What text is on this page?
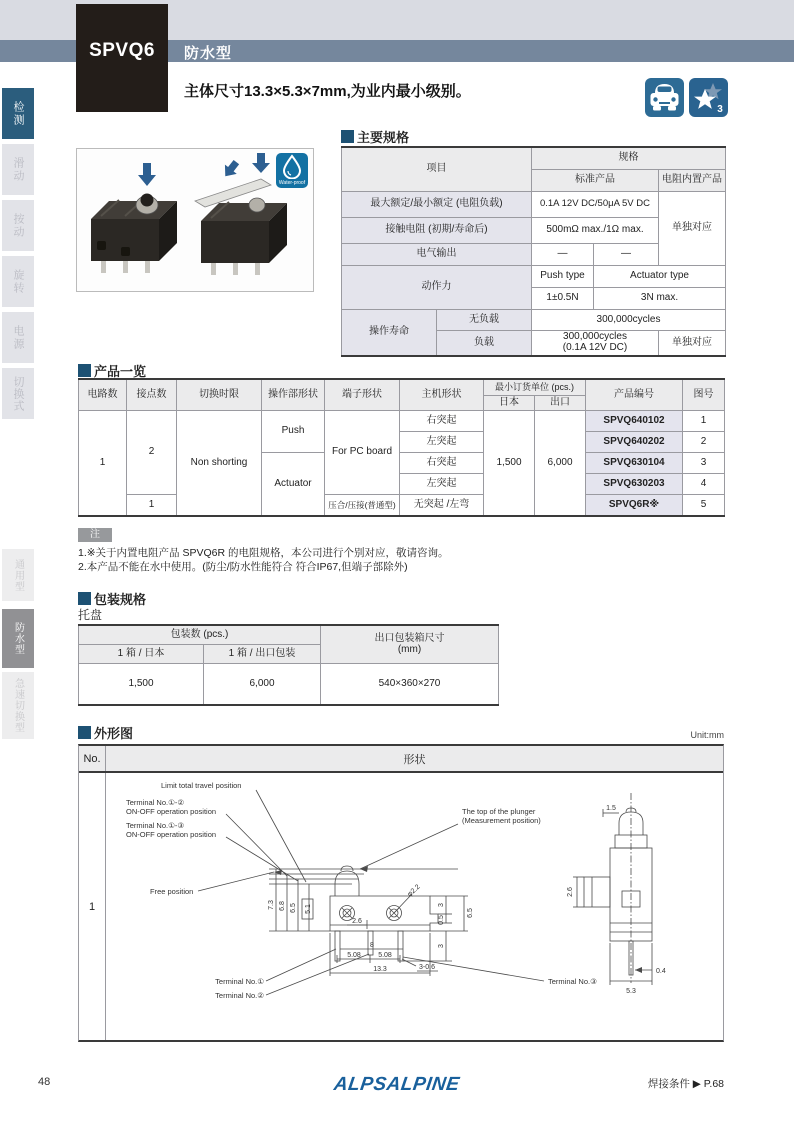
SPVQ6	防水型
主体尺寸13.3×5.3×7mm,为业内最小级别。
3
检测
滑动
按动
旋转
电源
切换式
通用型
防水型
急速切换型
Water-proof
主要规格
项目		规格		
		标准产品		电阻内置产品
最大额定/最小额定 (电阻负载)		0.1A 12V DC/50μA 5V DC		单独对应
接触电阻 (初期/寿命后)		500mΩ max./1Ω max.		
电气输出		—	—	
动作力		Push type	Actuator type	
		1±0.5N	3N max.	
操作寿命	无负载	300,000cycles		
	负载	300,000cycles
(0.1A 12V DC)		单独对应
产品一览
电路数	接点数	切换时限	操作部形状	端子形状	主机形状	最小订货单位 (pcs.)		产品编号	图号
						日本	出口		
1	2	Non shorting	Push	For PC board	右突起	1,500	6,000	SPVQ640102	1
					左突起			SPVQ640202	2
			Actuator		右突起			SPVQ630104	3
					左突起			SPVQ630203	4
	1			压合/压接(普通型)	无突起 /左弯			SPVQ6R※	5
注
1.※关于内置电阻产品 SPVQ6R 的电阻规格，本公司进行个别对应，敬请咨询。
2.本产品不能在水中使用。(防尘/防水性能符合 符合IP67,但端子部除外)
包装规格
托盘
包装数 (pcs.)		出口包装箱尺寸
(mm)

1 箱 / 日本	1 箱 / 出口包装	
1,500	6,000	540×360×270
外形图	Unit:mm
No.	形状
1
Limit total travel position
Terminal No.①-②
ON-OFF operation position
Terminal No.①-③
ON-OFF operation position
The top of the plunger
(Measurement position)
Free position
Terminal No.①
Terminal No.②
Terminal No.③
7.3 6.8 6.5 5.1
2.6
φ2.2
3
0.5
6.5
3
8
5.08 5.08
13.3	3-0.6
1.5
2.6
0.4
5.3
48	ALPSALPINE	焊接条件 ▶ P.68
